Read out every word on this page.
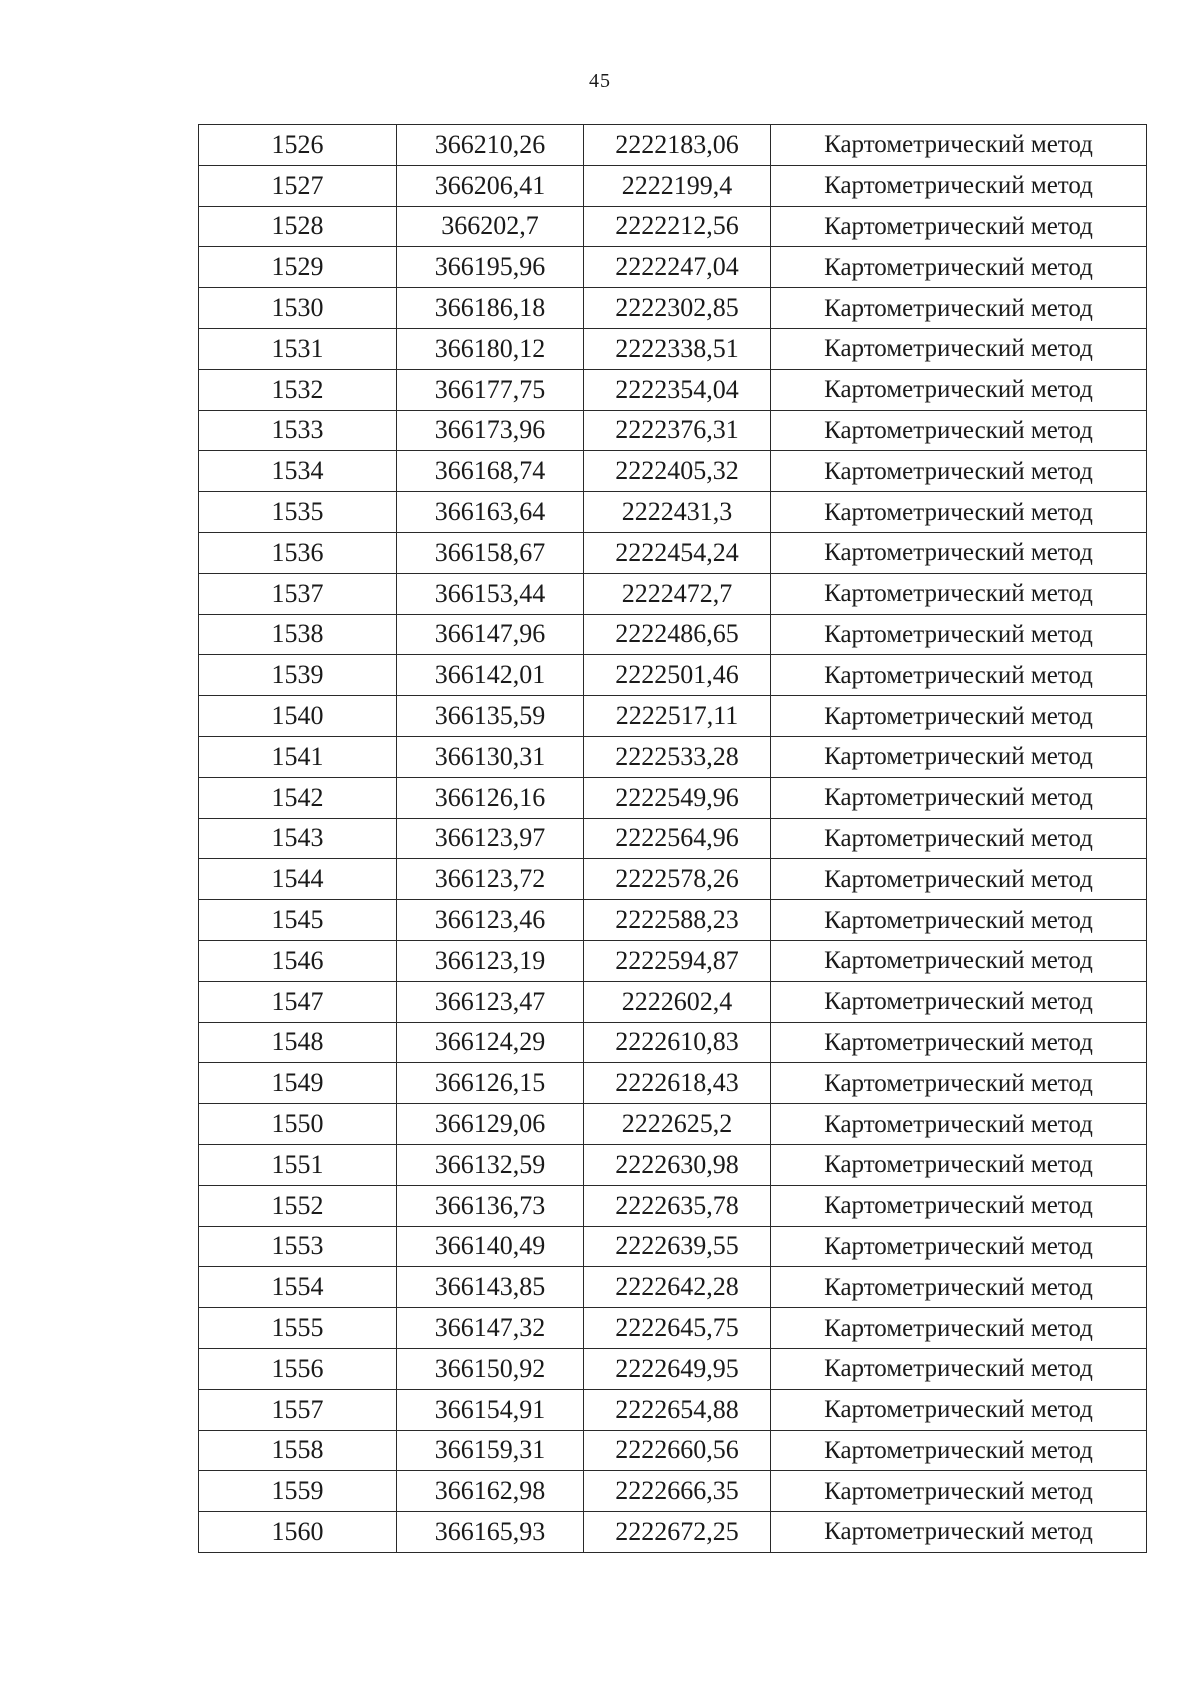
45
1526	366210,26	2222183,06	Картометрический метод
1527	366206,41	2222199,4	Картометрический метод
1528	366202,7	2222212,56	Картометрический метод
1529	366195,96	2222247,04	Картометрический метод
1530	366186,18	2222302,85	Картометрический метод
1531	366180,12	2222338,51	Картометрический метод
1532	366177,75	2222354,04	Картометрический метод
1533	366173,96	2222376,31	Картометрический метод
1534	366168,74	2222405,32	Картометрический метод
1535	366163,64	2222431,3	Картометрический метод
1536	366158,67	2222454,24	Картометрический метод
1537	366153,44	2222472,7	Картометрический метод
1538	366147,96	2222486,65	Картометрический метод
1539	366142,01	2222501,46	Картометрический метод
1540	366135,59	2222517,11	Картометрический метод
1541	366130,31	2222533,28	Картометрический метод
1542	366126,16	2222549,96	Картометрический метод
1543	366123,97	2222564,96	Картометрический метод
1544	366123,72	2222578,26	Картометрический метод
1545	366123,46	2222588,23	Картометрический метод
1546	366123,19	2222594,87	Картометрический метод
1547	366123,47	2222602,4	Картометрический метод
1548	366124,29	2222610,83	Картометрический метод
1549	366126,15	2222618,43	Картометрический метод
1550	366129,06	2222625,2	Картометрический метод
1551	366132,59	2222630,98	Картометрический метод
1552	366136,73	2222635,78	Картометрический метод
1553	366140,49	2222639,55	Картометрический метод
1554	366143,85	2222642,28	Картометрический метод
1555	366147,32	2222645,75	Картометрический метод
1556	366150,92	2222649,95	Картометрический метод
1557	366154,91	2222654,88	Картометрический метод
1558	366159,31	2222660,56	Картометрический метод
1559	366162,98	2222666,35	Картометрический метод
1560	366165,93	2222672,25	Картометрический метод
